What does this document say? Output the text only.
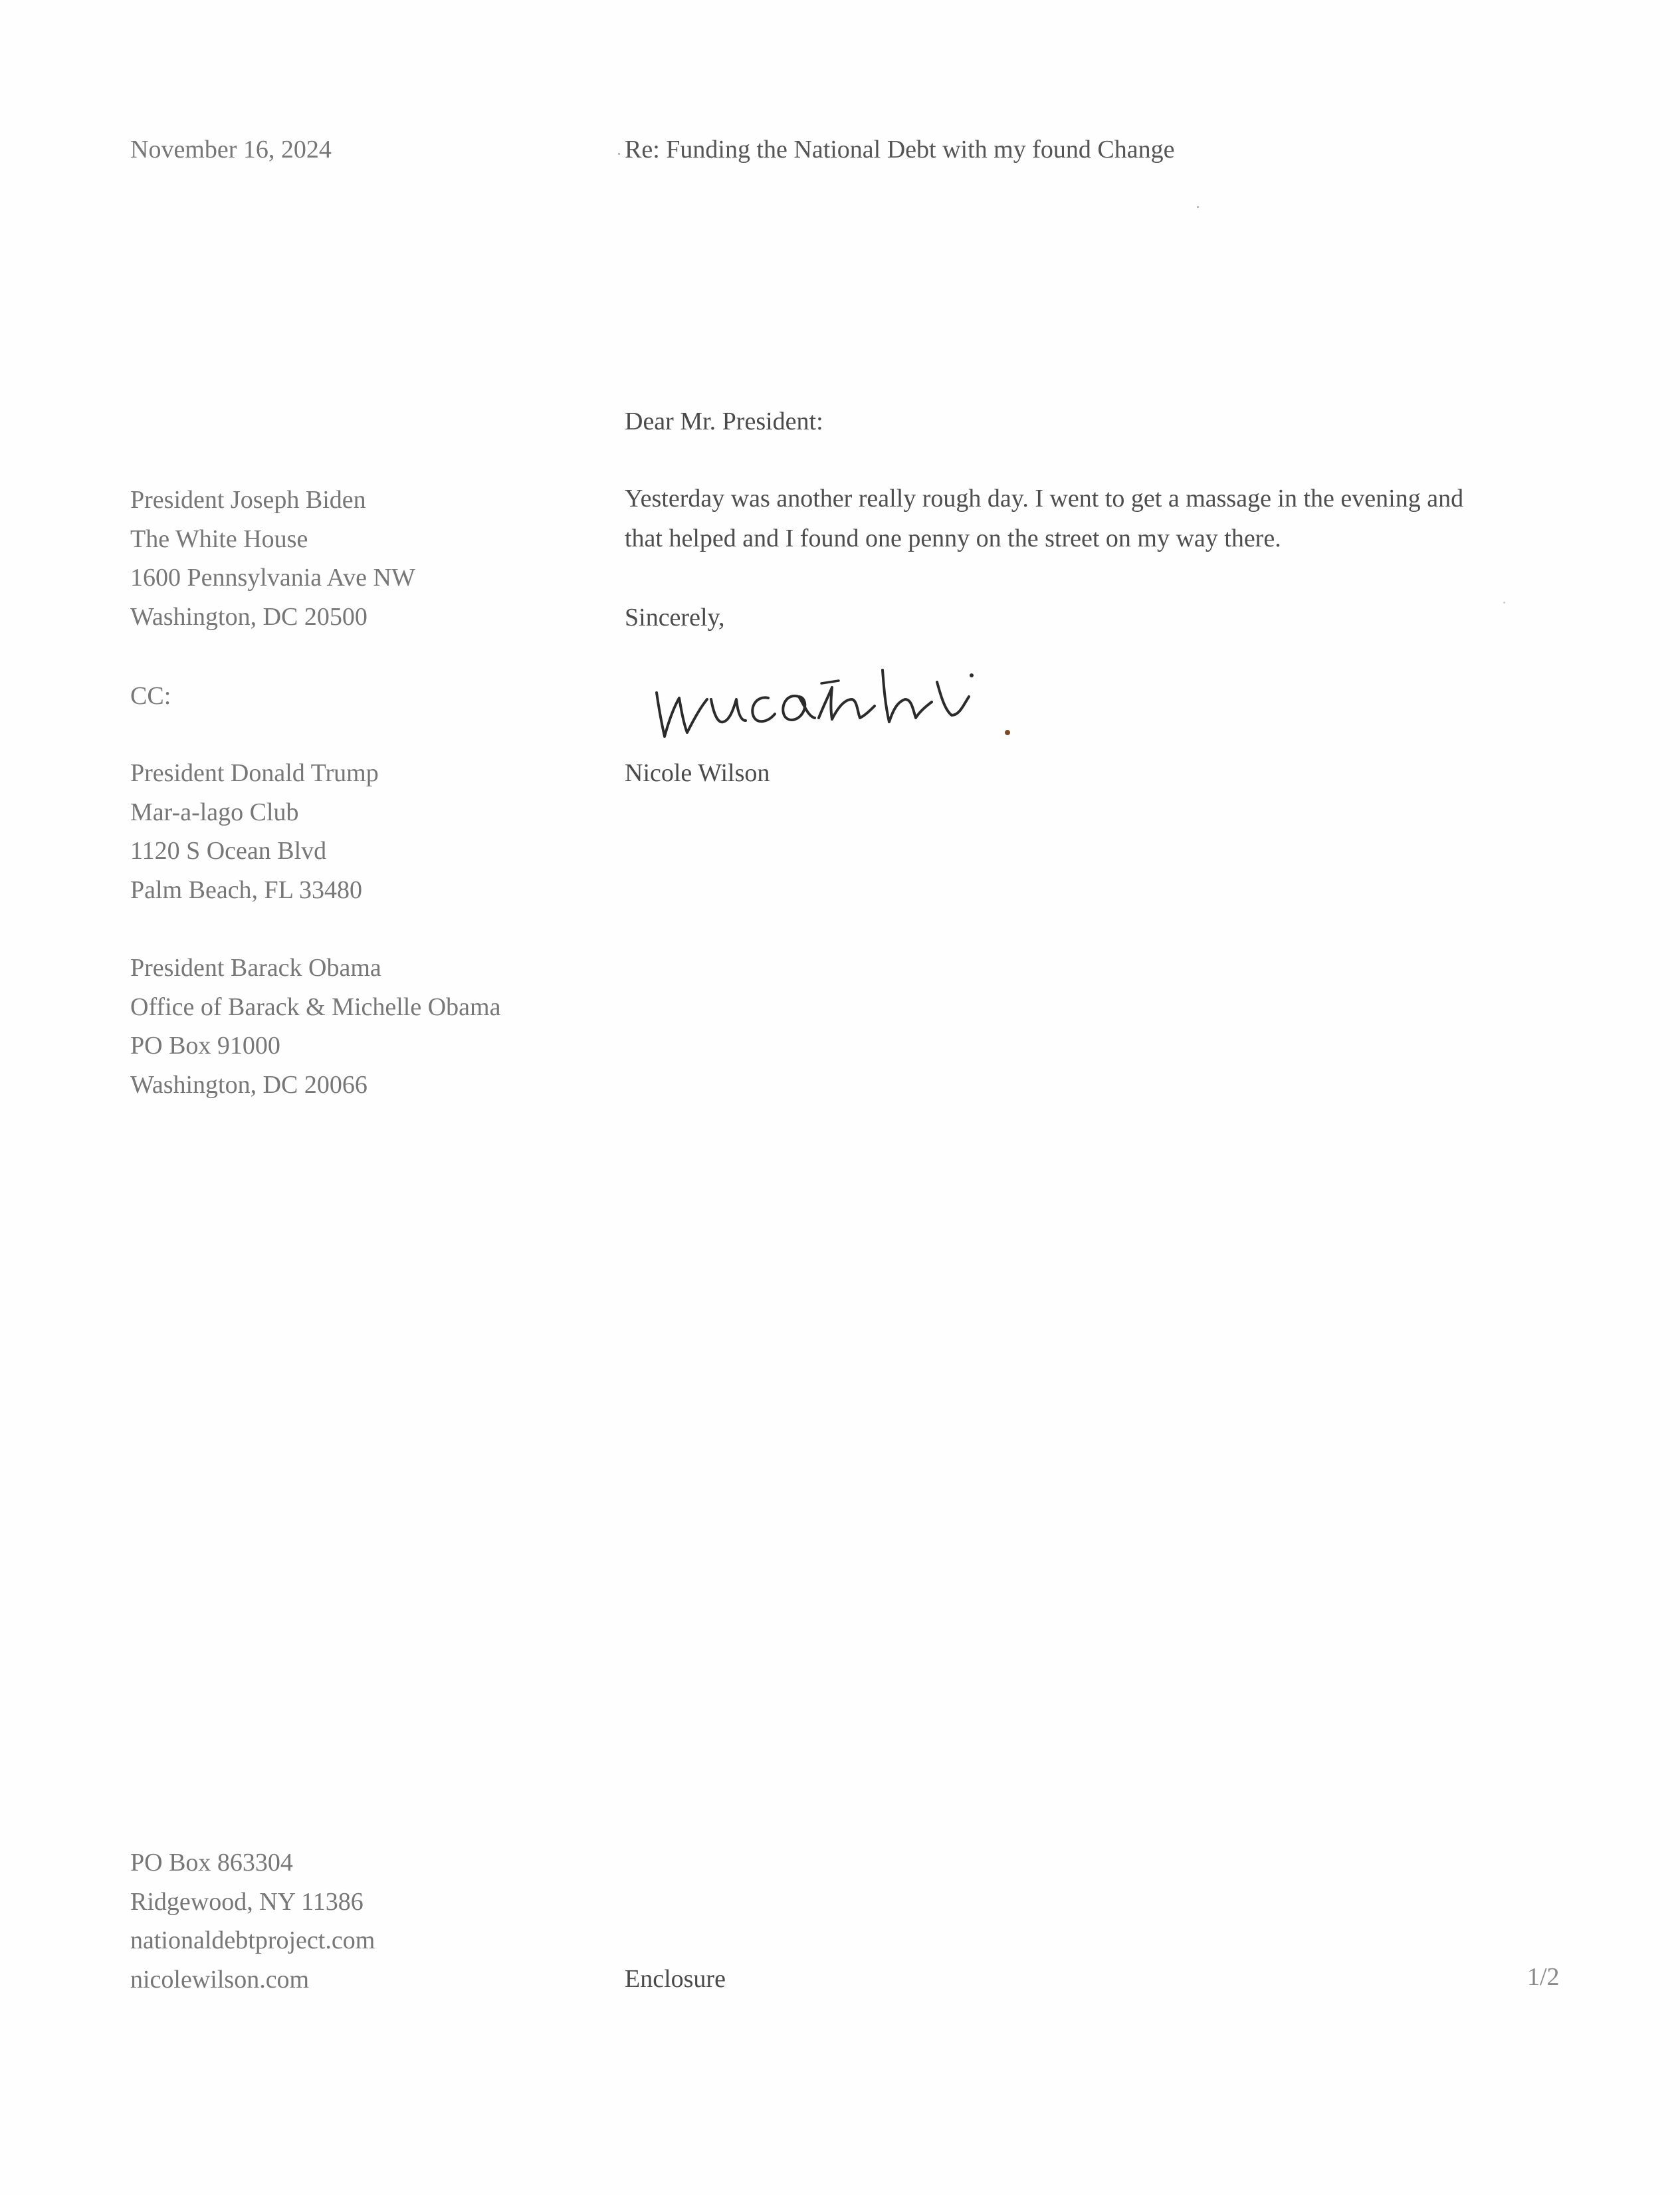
November 16, 2024	Re: Funding the National Debt with my found Change
Dear Mr. President:
President Joseph Biden
The White House
1600 Pennsylvania Ave NW
Washington, DC 20500
CC:
President Donald Trump
Mar-a-lago Club
1120 S Ocean Blvd
Palm Beach, FL 33480
President Barack Obama
Office of Barack & Michelle Obama
PO Box 91000
Washington, DC 20066
Yesterday was another really rough day. I went to get a massage in the evening and
that helped and I found one penny on the street on my way there.
Sincerely,
Nicole Wilson
PO Box 863304
Ridgewood, NY 11386
nationaldebtproject.com
nicolewilson.com	Enclosure	1/2
